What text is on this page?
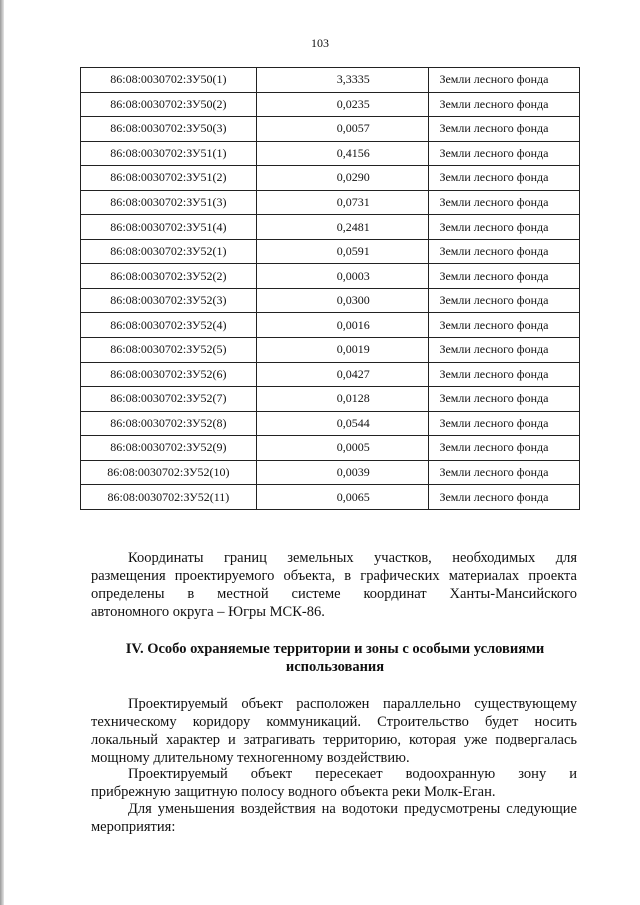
103
86:08:0030702:ЗУ50(1)	3,3335	Земли лесного фонда
86:08:0030702:ЗУ50(2)	0,0235	Земли лесного фонда
86:08:0030702:ЗУ50(3)	0,0057	Земли лесного фонда
86:08:0030702:ЗУ51(1)	0,4156	Земли лесного фонда
86:08:0030702:ЗУ51(2)	0,0290	Земли лесного фонда
86:08:0030702:ЗУ51(3)	0,0731	Земли лесного фонда
86:08:0030702:ЗУ51(4)	0,2481	Земли лесного фонда
86:08:0030702:ЗУ52(1)	0,0591	Земли лесного фонда
86:08:0030702:ЗУ52(2)	0,0003	Земли лесного фонда
86:08:0030702:ЗУ52(3)	0,0300	Земли лесного фонда
86:08:0030702:ЗУ52(4)	0,0016	Земли лесного фонда
86:08:0030702:ЗУ52(5)	0,0019	Земли лесного фонда
86:08:0030702:ЗУ52(6)	0,0427	Земли лесного фонда
86:08:0030702:ЗУ52(7)	0,0128	Земли лесного фонда
86:08:0030702:ЗУ52(8)	0,0544	Земли лесного фонда
86:08:0030702:ЗУ52(9)	0,0005	Земли лесного фонда
86:08:0030702:ЗУ52(10)	0,0039	Земли лесного фонда
86:08:0030702:ЗУ52(11)	0,0065	Земли лесного фонда
Координаты границ земельных участков, необходимых для
размещения проектируемого объекта, в графических материалах проекта
определены в местной системе координат Ханты-Мансийского
автономного округа – Югры МСК-86.
IV. Особо охраняемые территории и зоны с особыми условиями
использования
Проектируемый объект расположен параллельно существующему
техническому коридору коммуникаций. Строительство будет носить
локальный характер и затрагивать территорию, которая уже подвергалась
мощному длительному техногенному воздействию.
Проектируемый объект пересекает водоохранную зону и
прибрежную защитную полосу водного объекта реки Молк-Еган.
Для уменьшения воздействия на водотоки предусмотрены следующие
мероприятия:
